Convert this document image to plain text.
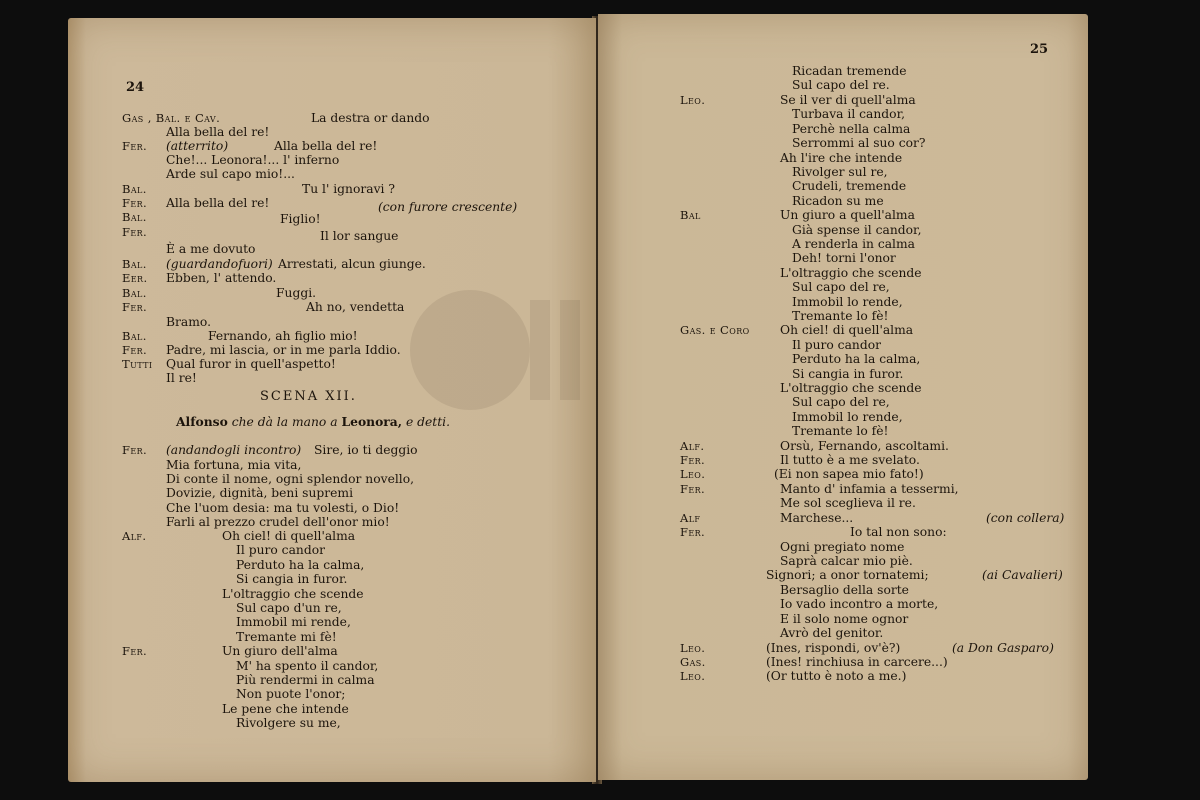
24
Gas , Bal. e Cav.	La destra or dando
Alla bella del re!
Fer. (atterrito)	Alla bella del re!
Che!... Leonora!... l' inferno
Arde sul capo mio!...
Bal.	Tu l' ignoravi ?
Fer. Alla bella del re!	(con furore crescente)
Bal.	Figlio!
Fer.	Il lor sangue
È a me dovuto
Bal. (guardandofuori) Arrestati, alcun giunge.
Eer. Ebben, l' attendo.
Bal.	Fuggi.
Fer.	Ah no, vendetta
Bramo.
Bal.	Fernando, ah figlio mio!
Fer. Padre, mi lascia, or in me parla Iddio.
Tutti Qual furor in quell'aspetto!
Il re!
SCENA XII.
Alfonso che dà la mano a Leonora, e detti.
Fer. (andandogli incontro) Sire, io ti deggio
Mia fortuna, mia vita,
Di conte il nome, ogni splendor novello,
Dovizie, dignità, beni supremi
Che l'uom desia: ma tu volesti, o Dio!
Farli al prezzo crudel dell'onor mio!
Alf.	Oh ciel! di quell'alma
Il puro candor
Perduto ha la calma,
Si cangia in furor.
L'oltraggio che scende
Sul capo d'un re,
Immobil mi rende,
Tremante mi fè!
Fer.	Un giuro dell'alma
M' ha spento il candor,
Più rendermi in calma
Non puote l'onor;
Le pene che intende
Rivolgere su me,
25
Ricadan tremende
Sul capo del re.
Leo.	Se il ver di quell'alma
Turbava il candor,
Perchè nella calma
Serrommi al suo cor?
Ah l'ire che intende
Rivolger sul re,
Crudeli, tremende
Ricadon su me
Bal	Un giuro a quell'alma
Già spense il candor,
A renderla in calma
Deh! torni l'onor
L'oltraggio che scende
Sul capo del re,
Immobil lo rende,
Tremante lo fè!
Gas. e Coro Oh ciel! di quell'alma
Il puro candor
Perduto ha la calma,
Si cangia in furor.
L'oltraggio che scende
Sul capo del re,
Immobil lo rende,
Tremante lo fè!
Alf.	Orsù, Fernando, ascoltami.
Fer.	Il tutto è a me svelato.
Leo.	(Ei non sapea mio fato!)
Fer.	Manto d' infamia a tessermi,
Me sol sceglieva il re.
Alf	Marchese...	(con collera)
Fer.	Io tal non sono:
Ogni pregiato nome
Saprà calcar mio piè.
Signori; a onor tornatemi;	(ai Cavalieri)
Bersaglio della sorte
Io vado incontro a morte,
E il solo nome ognor
Avrò del genitor.
Leo.	(Ines, rispondi, ov'è?)	(a Don Gasparo)
Gas.	(Ines! rinchiusa in carcere...)
Leo.	(Or tutto è noto a me.)
